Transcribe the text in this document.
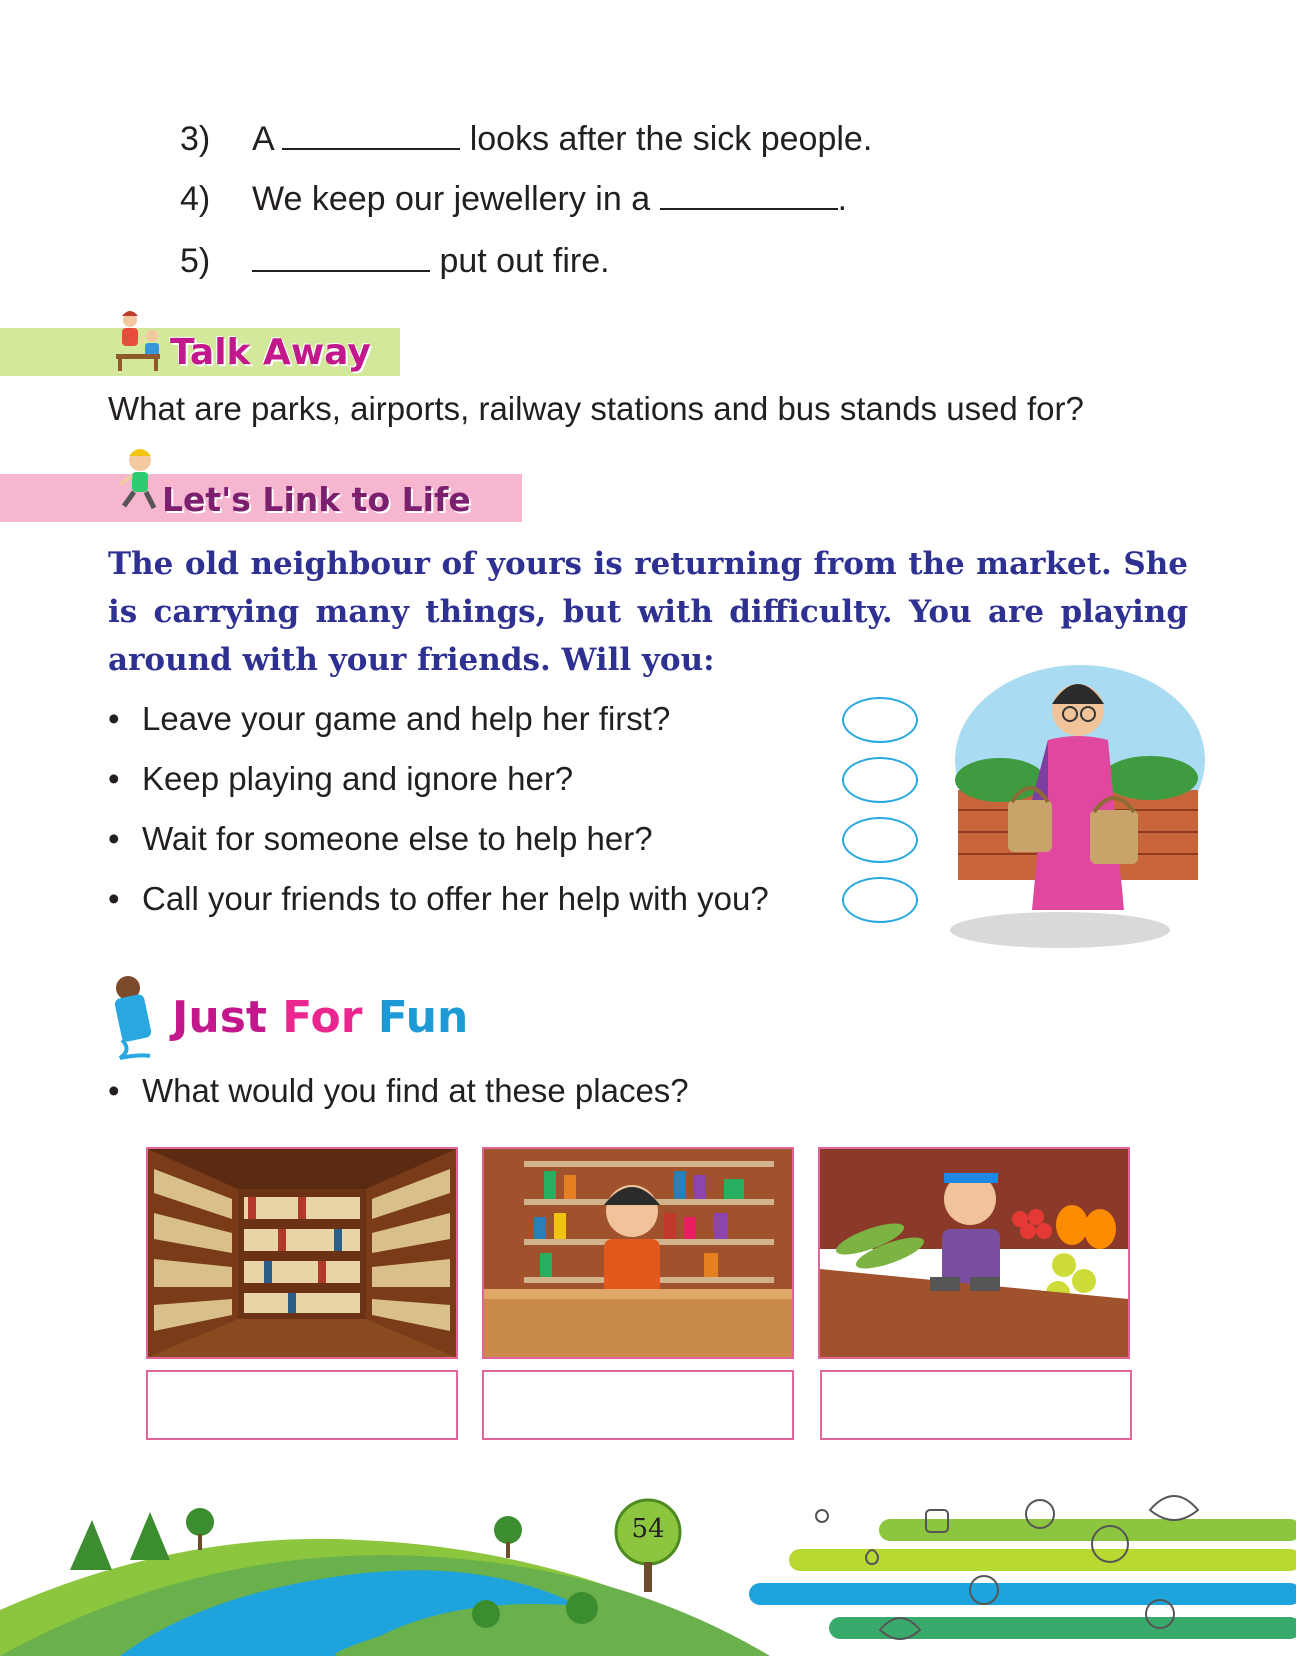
3) A	looks after the sick people.
4) We keep our jewellery in a	.
5)	put out fire.
Talk Away
What are parks, airports, railway stations and bus stands used for?
Let's Link to Life
The old neighbour of yours is returning from the market. She is carrying many things, but with difficulty. You are playing around with your friends. Will you:
• Leave your game and help her first?
• Keep playing and ignore her?
• Wait for someone else to help her?
• Call your friends to offer her help with you?
Just For Fun
• What would you find at these places?
54
